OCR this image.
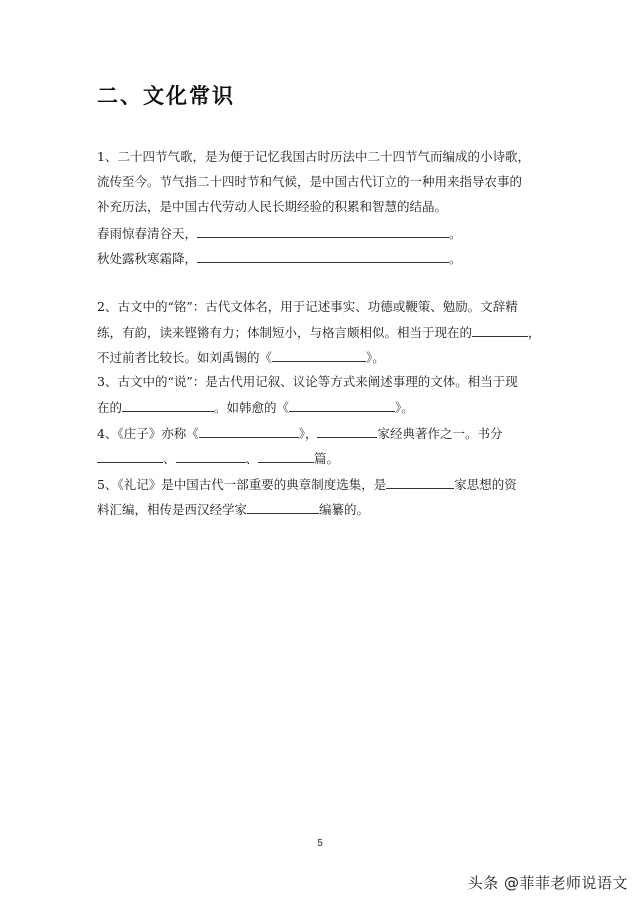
二、文化常识
1、二十四节气歌，是为便于记忆我国古时历法中二十四节气而编成的小诗歌，
流传至今。节气指二十四时节和气候，是中国古代订立的一种用来指导农事的
补充历法，是中国古代劳动人民长期经验的积累和智慧的结晶。
春雨惊春清谷天，	。
秋处露秋寒霜降，	。
2、古文中的“铭”：古代文体名，用于记述事实、功德或鞭策、勉励。文辞精
练，有韵，读来铿锵有力；体制短小，与格言颇相似。相当于现在的	，
不过前者比较长。如刘禹锡的《	》。
3、古文中的“说”：是古代用记叙、议论等方式来阐述事理的文体。相当于现
在的	。如韩愈的《	》。
4、《庄子》亦称《	》，	家经典著作之一。书分
、	、	篇。
5、《礼记》是中国古代一部重要的典章制度选集，是	家思想的资
料汇编，相传是西汉经学家	编纂的。
5
头条 @菲菲老师说语文
